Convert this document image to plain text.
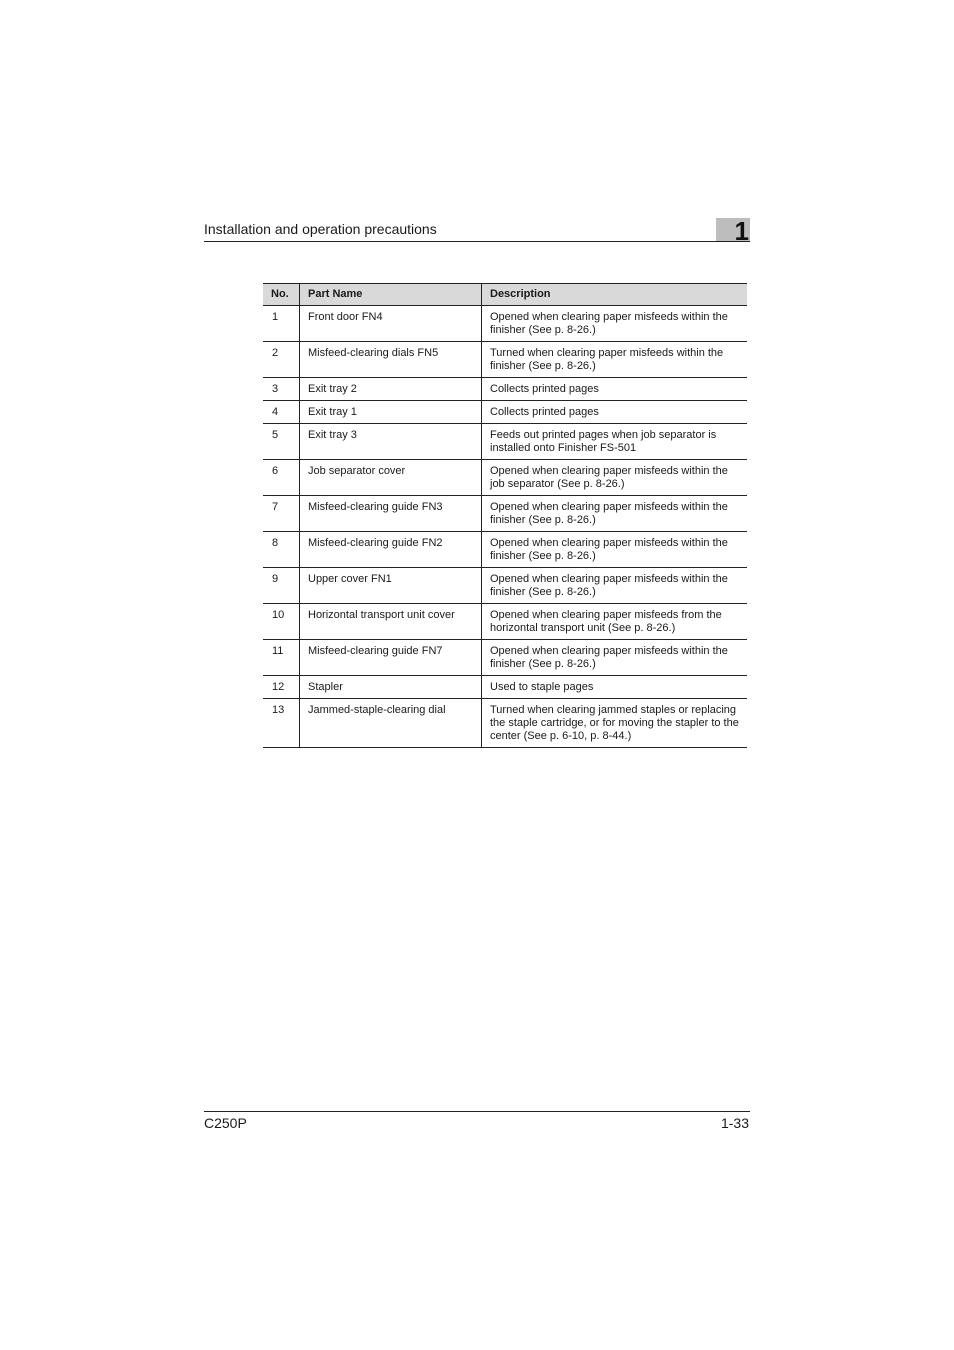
Installation and operation precautions	1
No.	Part Name	Description
1	Front door FN4	Opened when clearing paper misfeeds within the finisher (See p. 8-26.)
2	Misfeed-clearing dials FN5	Turned when clearing paper misfeeds within the finisher (See p. 8-26.)
3	Exit tray 2	Collects printed pages
4	Exit tray 1	Collects printed pages
5	Exit tray 3	Feeds out printed pages when job separator is installed onto Finisher FS-501
6	Job separator cover	Opened when clearing paper misfeeds within the job separator (See p. 8-26.)
7	Misfeed-clearing guide FN3	Opened when clearing paper misfeeds within the finisher (See p. 8-26.)
8	Misfeed-clearing guide FN2	Opened when clearing paper misfeeds within the finisher (See p. 8-26.)
9	Upper cover FN1	Opened when clearing paper misfeeds within the finisher (See p. 8-26.)
10	Horizontal transport unit cover	Opened when clearing paper misfeeds from the horizontal transport unit (See p. 8-26.)
11	Misfeed-clearing guide FN7	Opened when clearing paper misfeeds within the finisher (See p. 8-26.)
12	Stapler	Used to staple pages
13	Jammed-staple-clearing dial	Turned when clearing jammed staples or replacing the staple cartridge, or for moving the stapler to the center (See p. 6-10, p. 8-44.)
C250P	1-33
